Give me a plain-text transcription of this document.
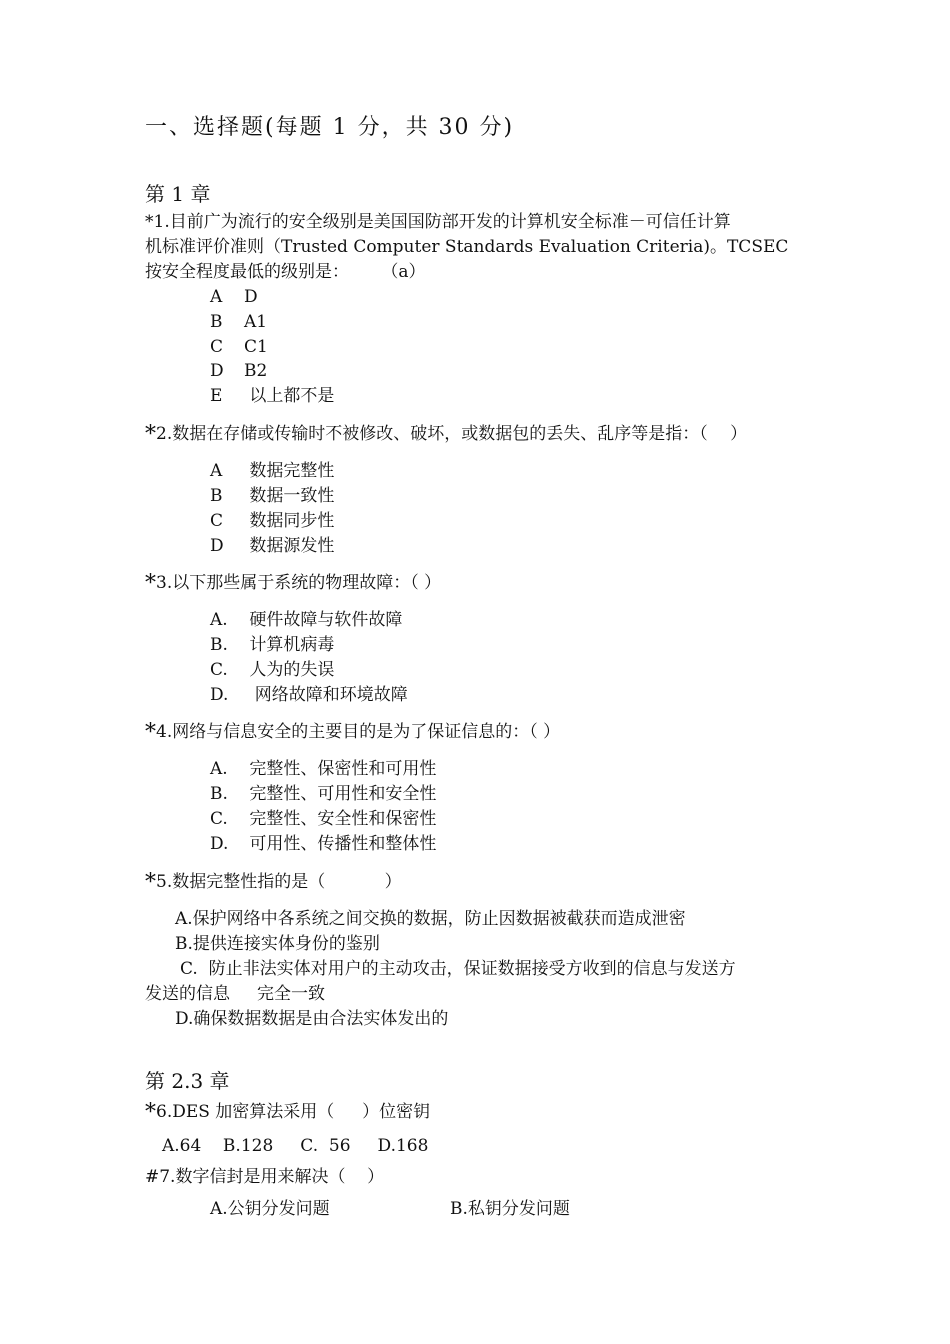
一、选择题(每题 1 分，共 30 分)
第 1 章
*1.目前广为流行的安全级别是美国国防部开发的计算机安全标准－可信任计算
机标准评价准则（Trusted Computer Standards Evaluation Criteria)。TCSEC
按安全程度最低的级别是：      （a）
A D
B A1
C C1
D B2
E 以上都不是
*2.数据在存储或传输时不被修改、破坏，或数据包的丢失、乱序等是指：（　 ）
A 数据完整性
B 数据一致性
C 数据同步性
D 数据源发性
*3.以下那些属于系统的物理故障：（ ）
A. 硬件故障与软件故障
B. 计算机病毒
C. 人为的失误
D.  网络故障和环境故障
*4.网络与信息安全的主要目的是为了保证信息的：（ ）
A. 完整性、保密性和可用性
B. 完整性、可用性和安全性
C. 完整性、安全性和保密性
D. 可用性、传播性和整体性
*5.数据完整性指的是（           ）
A.保护网络中各系统之间交换的数据，防止因数据被截获而造成泄密
B.提供连接实体身份的鉴别
C.  防止非法实体对用户的主动攻击，保证数据接受方收到的信息与发送方
发送的信息     完全一致
D.确保数据数据是由合法实体发出的
第 2.3 章
*6.DES 加密算法采用（　  ）位密钥
A.64    B.128     C.  56     D.168
#7.数字信封是用来解决（    ）
A.公钥分发问题	B.私钥分发问题
